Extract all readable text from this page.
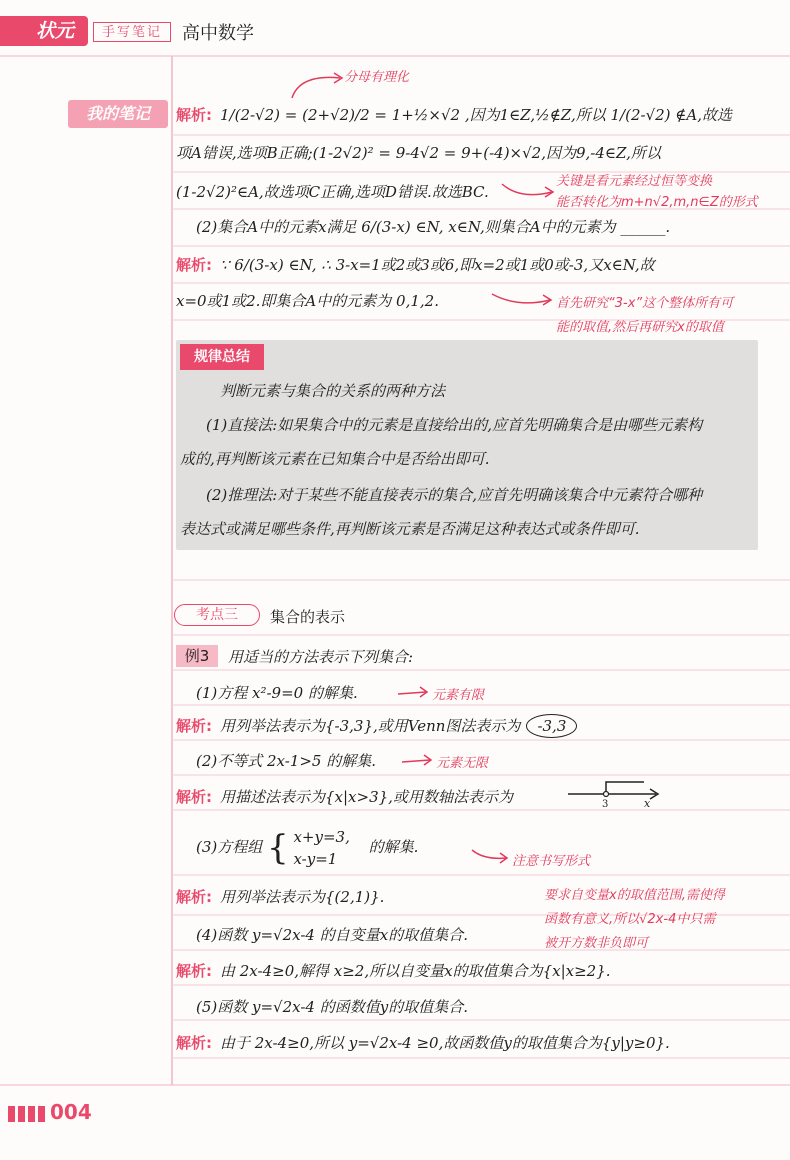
状元	手写笔记	高中数学
我的笔记	解析: 1/(2-√2) = (2+√2)/2 = 1+½×√2 ,因为1∈Z,½∉Z,所以 1/(2-√2) ∉A,故选
项A错误,选项B正确;(1-2√2)² = 9-4√2 = 9+(-4)×√2,因为9,-4∈Z,所以
(1-2√2)²∈A,故选项C正确,选项D错误.故选BC.
(2)集合A中的元素x满足 6/(3-x) ∈N, x∈N,则集合A中的元素为 ______.
解析: ∵ 6/(3-x) ∈N, ∴ 3-x=1或2或3或6,即x=2或1或0或-3,又x∈N,故
x=0或1或2.即集合A中的元素为 0,1,2.
分母有理化
关键是看元素经过恒等变换
能否转化为m+n√2,m,n∈Z的形式
首先研究“3-x”这个整体所有可
能的取值,然后再研究x的取值
规律总结
判断元素与集合的关系的两种方法
(1)直接法:如果集合中的元素是直接给出的,应首先明确集合是由哪些元素构
成的,再判断该元素在已知集合中是否给出即可.
(2)推理法:对于某些不能直接表示的集合,应首先明确该集合中元素符合哪种
表达式或满足哪些条件,再判断该元素是否满足这种表达式或条件即可.
考点三	集合的表示
例3	用适当的方法表示下列集合:
(1)方程 x²-9=0 的解集.	元素有限
解析: 用列举法表示为{-3,3},或用Venn图法表示为 -3,3
(2)不等式 2x-1>5 的解集.	元素无限
解析: 用描述法表示为{x|x>3},或用数轴法表示为	3	x
(3)方程组 { x+y=3,
x-y=1 的解集.
注意书写形式
解析: 用列举法表示为{(2,1)}.	要求自变量x的取值范围,需使得
函数有意义,所以√2x-4中只需
被开方数非负即可
(4)函数 y=√2x-4 的自变量x的取值集合.
解析: 由 2x-4≥0,解得 x≥2,所以自变量x的取值集合为{x|x≥2}.
(5)函数 y=√2x-4 的函数值y的取值集合.
解析: 由于 2x-4≥0,所以 y=√2x-4 ≥0,故函数值y的取值集合为{y|y≥0}.
004
